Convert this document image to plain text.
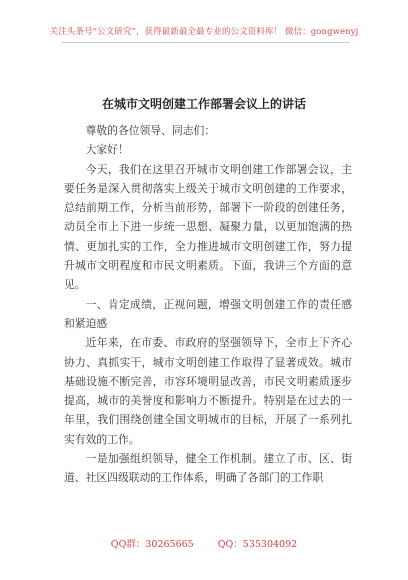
关注头条号“公文研究”，获得最新最全最专业的公文资料库！ 微信：gongwenyj
在城市文明创建工作部署会议上的讲话

尊敬的各位领导、同志们：

大家好！

今天，我们在这里召开城市文明创建工作部署会议，主要任务是深入贯彻落实上级关于城市文明创建的工作要求，总结前期工作，分析当前形势，部署下一阶段的创建任务，动员全市上下进一步统一思想、凝聚力量，以更加饱满的热情、更加扎实的工作，全力推进城市文明创建工作，努力提升城市文明程度和市民文明素质。下面，我讲三个方面的意见。

一、肯定成绩，正视问题，增强文明创建工作的责任感和紧迫感

近年来，在市委、市政府的坚强领导下，全市上下齐心协力、真抓实干，城市文明创建工作取得了显著成效。城市基础设施不断完善，市容环境明显改善，市民文明素质逐步提高，城市的美誉度和影响力不断提升。特别是在过去的一年里，我们围绕创建全国文明城市的目标，开展了一系列扎实有效的工作。

一是加强组织领导，健全工作机制。建立了市、区、街道、社区四级联动的工作体系，明确了各部门的工作职

QQ群：30265665	QQ：535304092
